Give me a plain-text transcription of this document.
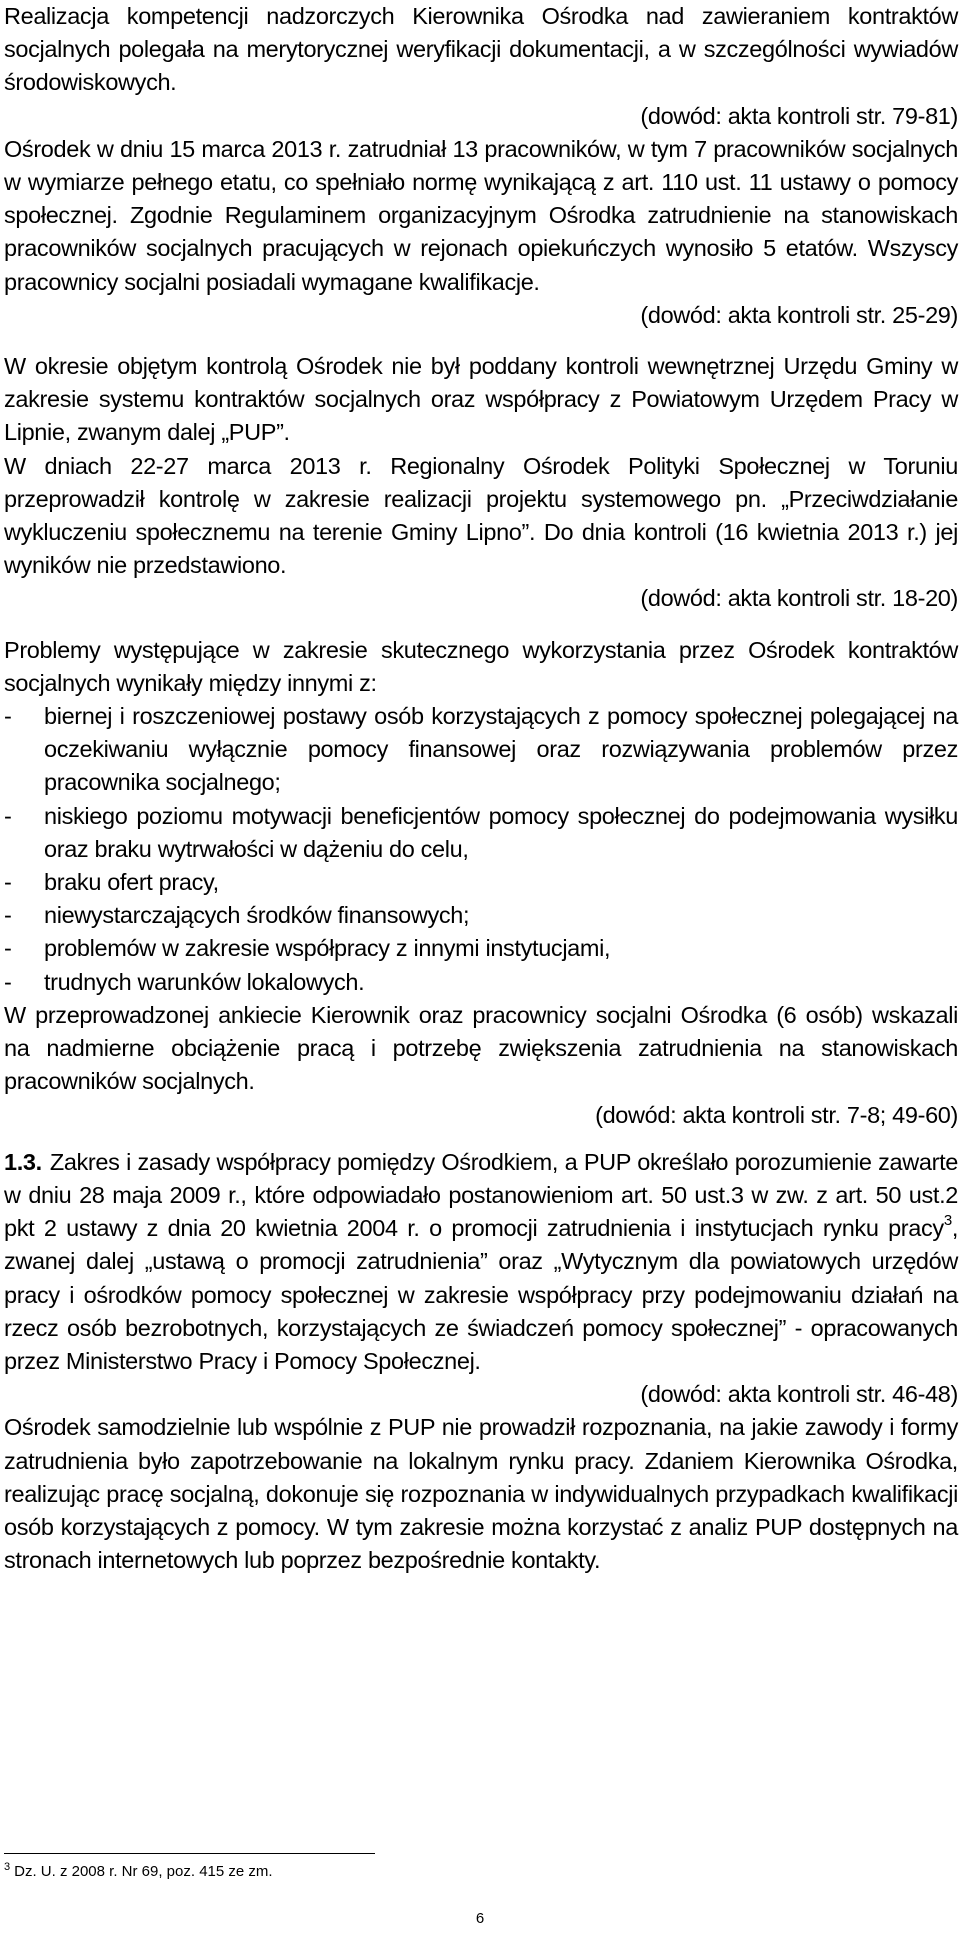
Realizacja kompetencji nadzorczych Kierownika Ośrodka nad zawieraniem kontraktów socjalnych polegała na merytorycznej weryfikacji dokumentacji, a w szczególności wywiadów środowiskowych.

(dowód: akta kontroli str. 79-81)

Ośrodek w dniu 15 marca 2013 r. zatrudniał 13 pracowników, w tym 7 pracowników socjalnych w wymiarze pełnego etatu, co spełniało normę wynikającą z art. 110 ust. 11 ustawy o pomocy społecznej. Zgodnie Regulaminem organizacyjnym Ośrodka zatrudnienie na stanowiskach pracowników socjalnych pracujących w rejonach opiekuńczych wynosiło 5 etatów. Wszyscy pracownicy socjalni posiadali wymagane kwalifikacje.

(dowód: akta kontroli str. 25-29)

W okresie objętym kontrolą Ośrodek nie był poddany kontroli wewnętrznej Urzędu Gminy w zakresie systemu kontraktów socjalnych oraz współpracy z Powiatowym Urzędem Pracy w Lipnie, zwanym dalej „PUP”.

W dniach 22-27 marca 2013 r. Regionalny Ośrodek Polityki Społecznej w Toruniu przeprowadził kontrolę w zakresie realizacji projektu systemowego pn. „Przeciwdziałanie wykluczeniu społecznemu na terenie Gminy Lipno”. Do dnia kontroli (16 kwietnia 2013 r.) jej wyników nie przedstawiono.

(dowód: akta kontroli str. 18-20)

Problemy występujące w zakresie skutecznego wykorzystania przez Ośrodek kontraktów socjalnych wynikały między innymi z:

- biernej i roszczeniowej postawy osób korzystających z pomocy społecznej polegającej na oczekiwaniu wyłącznie pomocy finansowej oraz rozwiązywania problemów przez pracownika socjalnego;
- niskiego poziomu motywacji beneficjentów pomocy społecznej do podejmowania wysiłku oraz braku wytrwałości w dążeniu do celu,
- braku ofert pracy,
- niewystarczających środków finansowych;
- problemów w zakresie współpracy z innymi instytucjami,
- trudnych warunków lokalowych.

W przeprowadzonej ankiecie Kierownik oraz pracownicy socjalni Ośrodka (6 osób) wskazali na nadmierne obciążenie pracą i potrzebę zwiększenia zatrudnienia na stanowiskach pracowników socjalnych.

(dowód: akta kontroli str. 7-8; 49-60)

1.3. Zakres i zasady współpracy pomiędzy Ośrodkiem, a PUP określało porozumienie zawarte w dniu 28 maja 2009 r., które odpowiadało postanowieniom art. 50 ust.3 w zw. z art. 50 ust.2 pkt 2 ustawy z dnia 20 kwietnia 2004 r. o promocji zatrudnienia i instytucjach rynku pracy$^3$, zwanej dalej „ustawą o promocji zatrudnienia” oraz „Wytycznym dla powiatowych urzędów pracy i ośrodków pomocy społecznej w zakresie współpracy przy podejmowaniu działań na rzecz osób bezrobotnych, korzystających ze świadczeń pomocy społecznej” - opracowanych przez Ministerstwo Pracy i Pomocy Społecznej.

(dowód: akta kontroli str. 46-48)

Ośrodek samodzielnie lub wspólnie z PUP nie prowadził rozpoznania, na jakie zawody i formy zatrudnienia było zapotrzebowanie na lokalnym rynku pracy. Zdaniem Kierownika Ośrodka, realizując pracę socjalną, dokonuje się rozpoznania w indywidualnych przypadkach kwalifikacji osób korzystających z pomocy. W tym zakresie można korzystać z analiz PUP dostępnych na stronach internetowych lub poprzez bezpośrednie kontakty.

$^3$ Dz. U. z 2008 r. Nr 69, poz. 415 ze zm.
6
